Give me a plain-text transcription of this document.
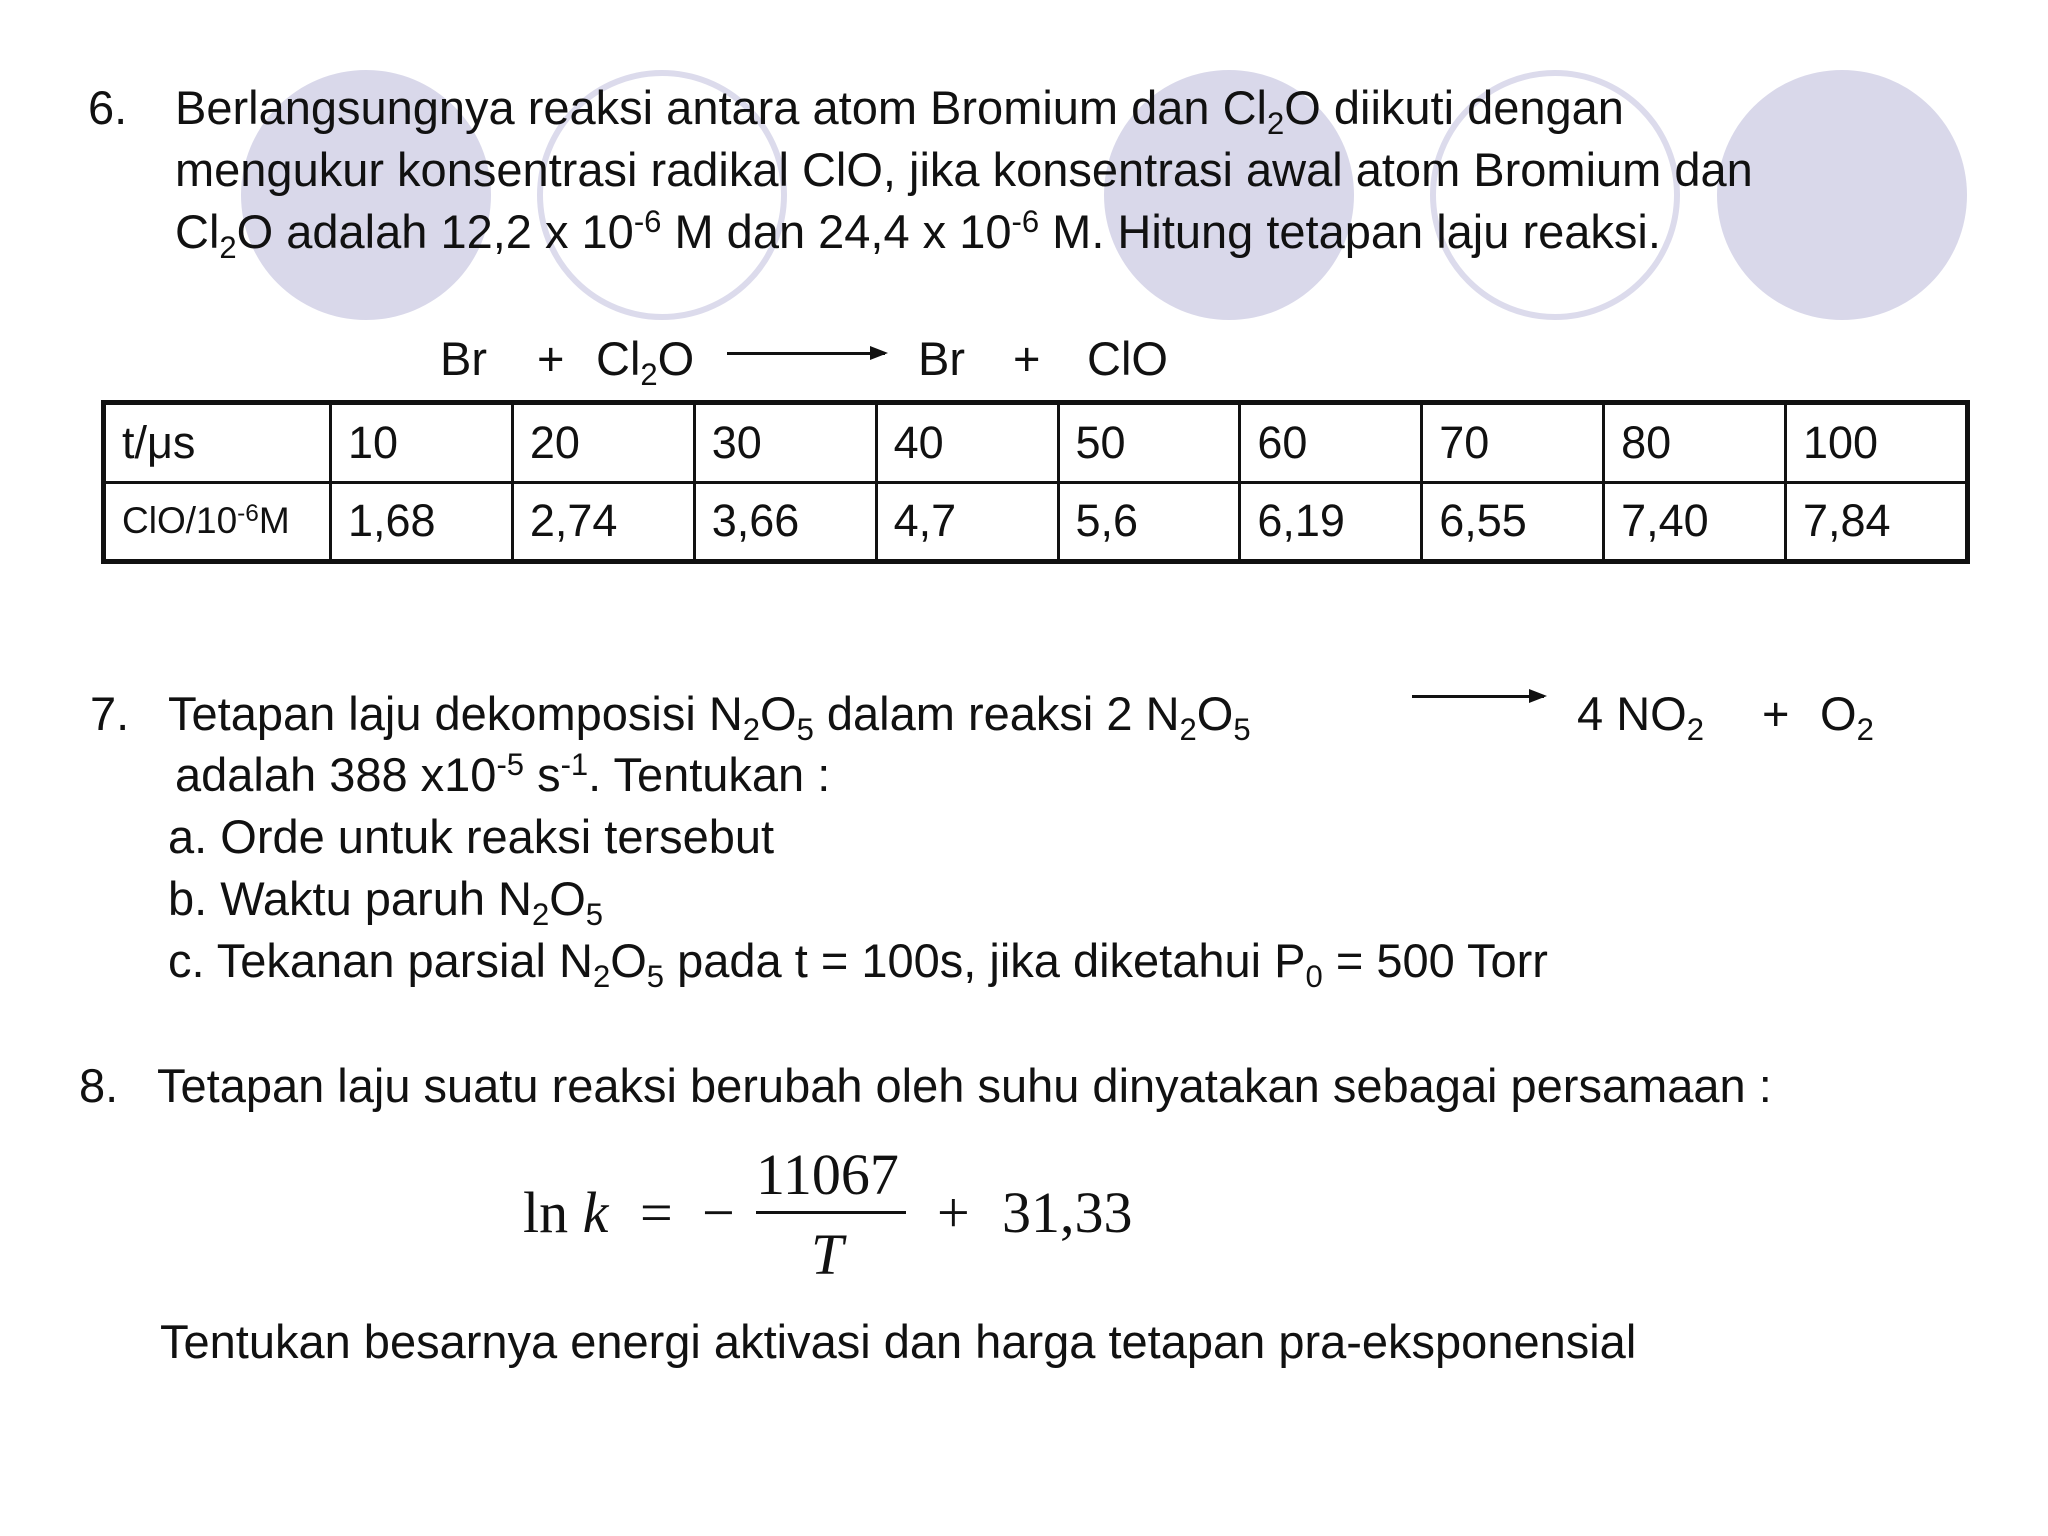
6. Berlangsungnya reaksi antara atom Bromium dan $Cl_2O$ diikuti dengan
mengukur konsentrasi radikal ClO, jika konsentrasi awal atom Bromium dan
$Cl_2O$ adalah 12,2 x $10^{-6}$ M dan 24,4 x $10^{-6}$ M. Hitung tetapan laju reaksi.
$Br + Cl_2O$	Br + ClO
t/μs	10	20	30	40	50	60	70	80	100
ClO/$10^{-6}M$	1,68	2,74	3,66	4,7	5,6	6,19	6,55	7,40	7,84
7. Tetapan laju dekomposisi $N_2O_5$ dalam reaksi 2 $N_2O_5$	4 $NO_2 + O_2$
adalah 388 $x10^{-5}$ $s^{-1}$. Tentukan :
a. Orde untuk reaksi tersebut
b. Waktu paruh $N_2O_5$
c. Tekanan parsial $N_2O_5$ pada t = 100s, jika diketahui $P_0 = 500$ Torr
8. Tetapan laju suatu reaksi berubah oleh suhu dinyatakan sebagai persamaan :
ln k = −
11067
T
+ 31,33
Tentukan besarnya energi aktivasi dan harga tetapan pra-eksponensial
